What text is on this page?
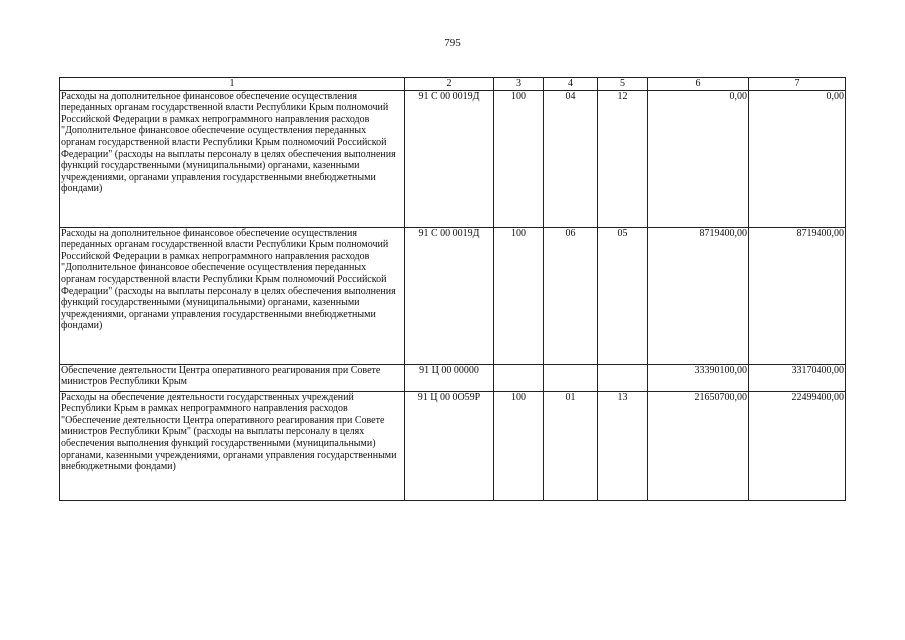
795
1	2	3	4	5	6	7
Расходы на дополнительное финансовое обеспечение осуществления переданных органам государственной власти Республики Крым полномочий Российской Федерации в рамках непрограммного направления расходов "Дополнительное финансовое обеспечение осуществления переданных органам государственной власти Республики Крым полномочий Российской Федерации" (расходы на выплаты персоналу в целях обеспечения выполнения функций государственными (муниципальными) органами, казенными учреждениями, органами управления государственными внебюджетными фондами)	91 С 00 0019Д	100	04	12	0,00	0,00
Расходы на дополнительное финансовое обеспечение осуществления переданных органам государственной власти Республики Крым полномочий Российской Федерации в рамках непрограммного направления расходов "Дополнительное финансовое обеспечение осуществления переданных органам государственной власти Республики Крым полномочий Российской Федерации" (расходы на выплаты персоналу в целях обеспечения выполнения функций государственными (муниципальными) органами, казенными учреждениями, органами управления государственными внебюджетными фондами)	91 С 00 0019Д	100	06	05	8719400,00	8719400,00
Обеспечение деятельности Центра оперативного реагирования при Совете министров Республики Крым	91 Ц 00 00000				33390100,00	33170400,00
Расходы на обеспечение деятельности государственных учреждений Республики Крым в рамках непрограммного направления расходов "Обеспечение деятельности Центра оперативного реагирования при Совете министров Республики Крым" (расходы на выплаты персоналу в целях обеспечения выполнения функций государственными (муниципальными) органами, казенными учреждениями, органами управления государственными внебюджетными фондами)	91 Ц 00 0О59Р	100	01	13	21650700,00	22499400,00
